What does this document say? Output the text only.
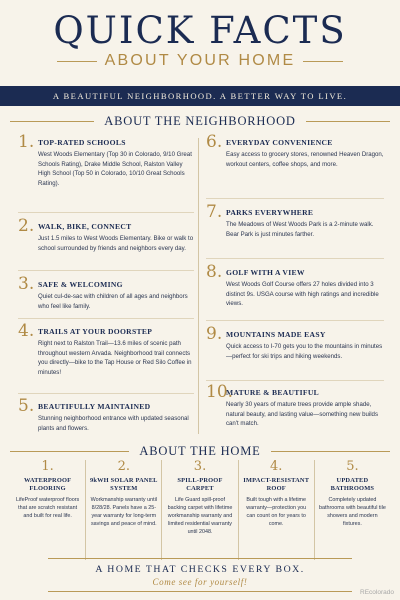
QUICK FACTS
ABOUT YOUR HOME
A BEAUTIFUL NEIGHBORHOOD. A BETTER WAY TO LIVE.
ABOUT THE NEIGHBORHOOD
1. TOP-RATED SCHOOLS
West Woods Elementary (Top 30 in Colorado, 9/10 Great Schools Rating), Drake Middle School, Ralston Valley High School (Top 50 in Colorado, 10/10 Great Schools Rating).
2. WALK, BIKE, CONNECT
Just 1.5 miles to West Woods Elementary. Bike or walk to school surrounded by friends and neighbors every day.
3. SAFE & WELCOMING
Quiet cul-de-sac with children of all ages and neighbors who feel like family.
4. TRAILS AT YOUR DOORSTEP
Right next to Ralston Trail—13.6 miles of scenic path throughout western Arvada. Neighborhood trail connects you directly—bike to the Tap House or Red Silo Coffee in minutes!
5. BEAUTIFULLY MAINTAINED
Stunning neighborhood entrance with updated seasonal plants and flowers.
6. EVERYDAY CONVENIENCE
Easy access to grocery stores, renowned Heaven Dragon, workout centers, coffee shops, and more.
7. PARKS EVERYWHERE
The Meadows of West Woods Park is a 2-minute walk. Bear Park is just minutes farther.
8. GOLF WITH A VIEW
West Woods Golf Course offers 27 holes divided into 3 distinct 9s. USGA course with high ratings and incredible views.
9. MOUNTAINS MADE EASY
Quick access to I-70 gets you to the mountains in minutes—perfect for ski trips and hiking weekends.
10.
MATURE & BEAUTIFUL
Nearly 30 years of mature trees provide ample shade, natural beauty, and lasting value—something new builds can't match.
ABOUT THE HOME
1.
WATERPROOF FLOORING
LifeProof waterproof floors that are scratch resistant and built for real life.
2.
9kWH SOLAR PANEL SYSTEM
Workmanship warranty until 8/28/28. Panels have a 25-year warranty for long-term savings and peace of mind.
3.
SPILL-PROOF CARPET
Life Guard spill-proof backing carpet with lifetime workmanship warranty and limited residential warranty until 2048.
4.
IMPACT-RESISTANT ROOF
Built tough with a lifetime warranty—protection you can count on for years to come.
5.
UPDATED BATHROOMS
Completely updated bathrooms with beautiful tile showers and modern fixtures.
A HOME THAT CHECKS EVERY BOX.
Come see for yourself!
REcolorado
